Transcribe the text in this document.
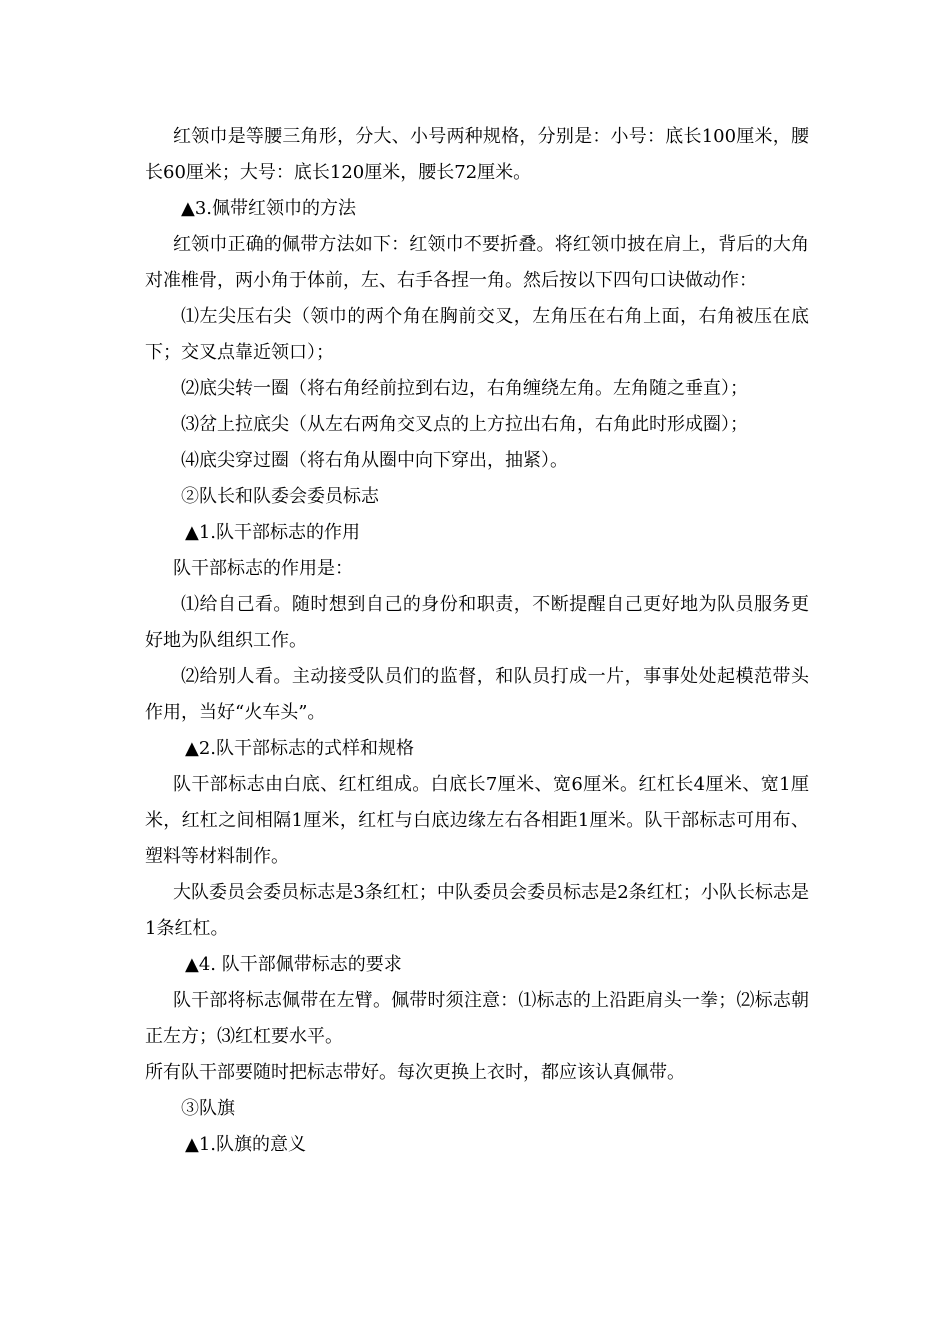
红领巾是等腰三角形，分大、小号两种规格，分别是：小号：底长100厘米，腰长60厘米；大号：底长120厘米，腰长72厘米。

▲3.佩带红领巾的方法

红领巾正确的佩带方法如下：红领巾不要折叠。将红领巾披在肩上，背后的大角对准椎骨，两小角于体前，左、右手各捏一角。然后按以下四句口诀做动作：

⑴左尖压右尖（领巾的两个角在胸前交叉，左角压在右角上面，右角被压在底下；交叉点靠近领口）；

⑵底尖转一圈（将右角经前拉到右边，右角缠绕左角。左角随之垂直）；

⑶岔上拉底尖（从左右两角交叉点的上方拉出右角，右角此时形成圈）；

⑷底尖穿过圈（将右角从圈中向下穿出，抽紧）。

②队长和队委会委员标志

▲1.队干部标志的作用

队干部标志的作用是：

⑴给自己看。随时想到自己的身份和职责，不断提醒自己更好地为队员服务更好地为队组织工作。

⑵给别人看。主动接受队员们的监督，和队员打成一片，事事处处起模范带头作用，当好“火车头”。

▲2.队干部标志的式样和规格

队干部标志由白底、红杠组成。白底长7厘米、宽6厘米。红杠长4厘米、宽1厘米，红杠之间相隔1厘米，红杠与白底边缘左右各相距1厘米。队干部标志可用布、塑料等材料制作。

大队委员会委员标志是3条红杠；中队委员会委员标志是2条红杠；小队长标志是1条红杠。

▲4. 队干部佩带标志的要求

队干部将标志佩带在左臂。佩带时须注意：⑴标志的上沿距肩头一拳；⑵标志朝正左方；⑶红杠要水平。

所有队干部要随时把标志带好。每次更换上衣时，都应该认真佩带。

③队旗

▲1.队旗的意义
